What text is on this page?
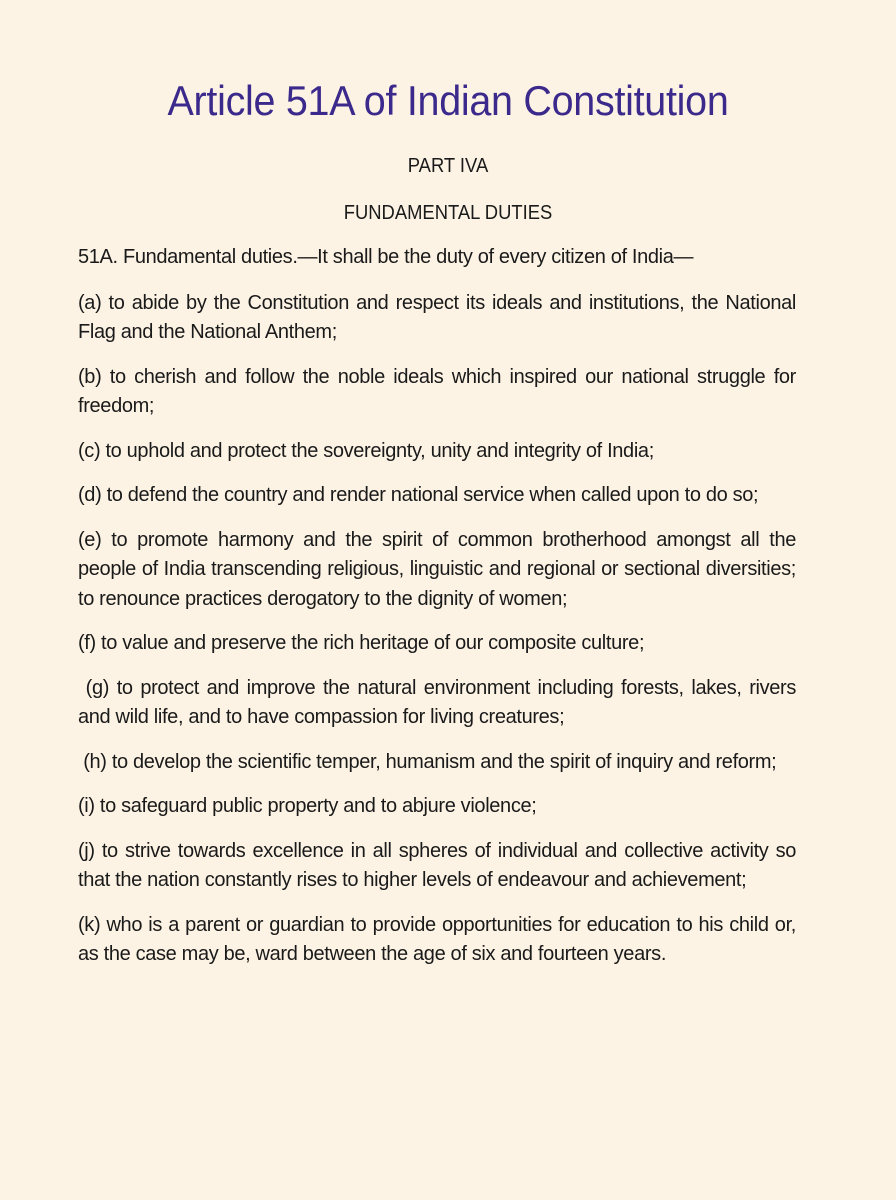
Article 51A of Indian Constitution
PART IVA
FUNDAMENTAL DUTIES

51A. Fundamental duties.—It shall be the duty of every citizen of India—

(a) to abide by the Constitution and respect its ideals and institutions, the National Flag and the National Anthem;

(b) to cherish and follow the noble ideals which inspired our national struggle for freedom;

(c) to uphold and protect the sovereignty, unity and integrity of India;

(d) to defend the country and render national service when called upon to do so;

(e) to promote harmony and the spirit of common brotherhood amongst all the people of India transcending religious, linguistic and regional or sectional diversities; to renounce practices derogatory to the dignity of women;

(f) to value and preserve the rich heritage of our composite culture;

(g) to protect and improve the natural environment including forests, lakes, rivers and wild life, and to have compassion for living creatures;

(h) to develop the scientific temper, humanism and the spirit of inquiry and reform;

(i) to safeguard public property and to abjure violence;

(j) to strive towards excellence in all spheres of individual and collective activity so that the nation constantly rises to higher levels of endeavour and achievement;

(k) who is a parent or guardian to provide opportunities for education to his child or, as the case may be, ward between the age of six and fourteen years.
